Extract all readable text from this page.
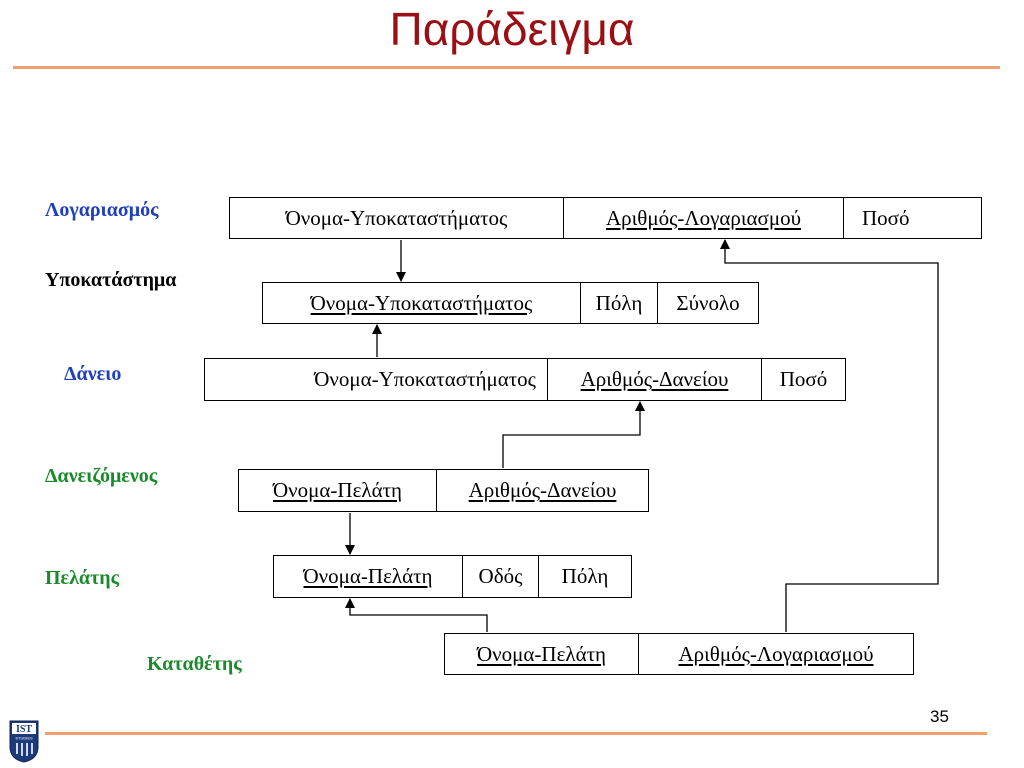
Παράδειγμα
Λογαριασμός
Υποκατάστημα
Δάνειο
Δανειζόμενος
Πελάτης
Καταθέτης
Όνομα-Υποκαταστήματος	Αριθμός-Λογαριασμού	Ποσό
Όνομα-Υποκαταστήματος	Πόλη Σύνολο
Όνομα-Υποκαταστήματος Αριθμός-Δανείου Ποσό
Όνομα-Πελάτη	Αριθμός-Δανείου
Όνομα-Πελάτη Οδός Πόλη
Όνομα-Πελάτη	Αριθμός-Λογαριασμού
35
IST
STUDIES
